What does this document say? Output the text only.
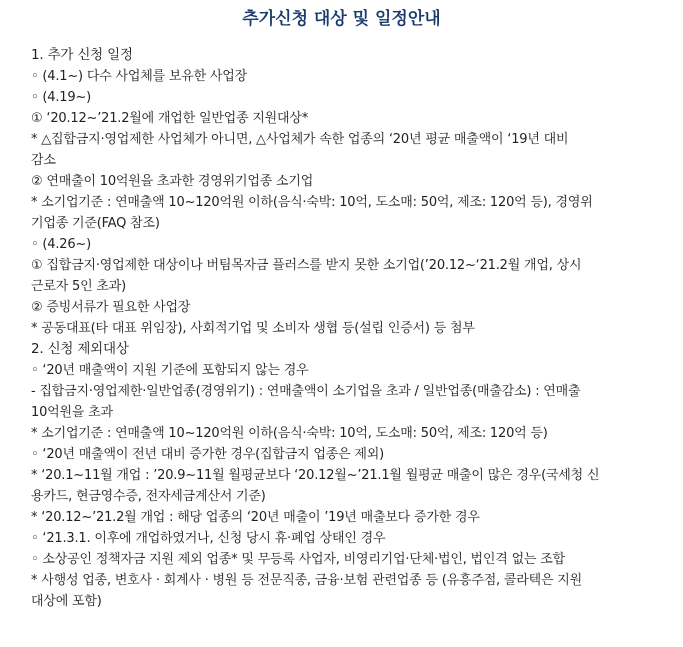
추가신청 대상 및 일정안내
1. 추가 신청 일정
◦ (4.1~) 다수 사업체를 보유한 사업장
◦ (4.19~)
① ‘20.12~’21.2월에 개업한 일반업종 지원대상*
* △집합금지·영업제한 사업체가 아니면, △사업체가 속한 업종의 ‘20년 평균 매출액이 ‘19년 대비
감소
② 연매출이 10억원을 초과한 경영위기업종 소기업
* 소기업기준 : 연매출액 10~120억원 이하(음식·숙박: 10억, 도소매: 50억, 제조: 120억 등), 경영위
기업종 기준(FAQ 참조)
◦ (4.26~)
① 집합금지·영업제한 대상이나 버팀목자금 플러스를 받지 못한 소기업(’20.12~‘21.2월 개업, 상시
근로자 5인 초과)
② 증빙서류가 필요한 사업장
* 공동대표(타 대표 위임장), 사회적기업 및 소비자 생협 등(설립 인증서) 등 첨부
2. 신청 제외대상
◦ ‘20년 매출액이 지원 기준에 포함되지 않는 경우
- 집합금지·영업제한·일반업종(경영위기) : 연매출액이 소기업을 초과 / 일반업종(매출감소) : 연매출
10억원을 초과
* 소기업기준 : 연매출액 10~120억원 이하(음식·숙박: 10억, 도소매: 50억, 제조: 120억 등)
◦ ‘20년 매출액이 전년 대비 증가한 경우(집합금지 업종은 제외)
* ‘20.1~11월 개업 : ’20.9∼11월 월평균보다 ‘20.12월~’21.1월 월평균 매출이 많은 경우(국세청 신
용카드, 현금영수증, 전자세금계산서 기준)
* ‘20.12~’21.2월 개업 : 해당 업종의 ‘20년 매출이 ’19년 매출보다 증가한 경우
◦ ‘21.3.1. 이후에 개업하였거나, 신청 당시 휴·폐업 상태인 경우
◦ 소상공인 정책자금 지원 제외 업종* 및 무등록 사업자, 비영리기업·단체·법인, 법인격 없는 조합
* 사행성 업종, 변호사 · 회계사 · 병원 등 전문직종, 금융·보험 관련업종 등 (유흥주점, 콜라텍은 지원
대상에 포함)
